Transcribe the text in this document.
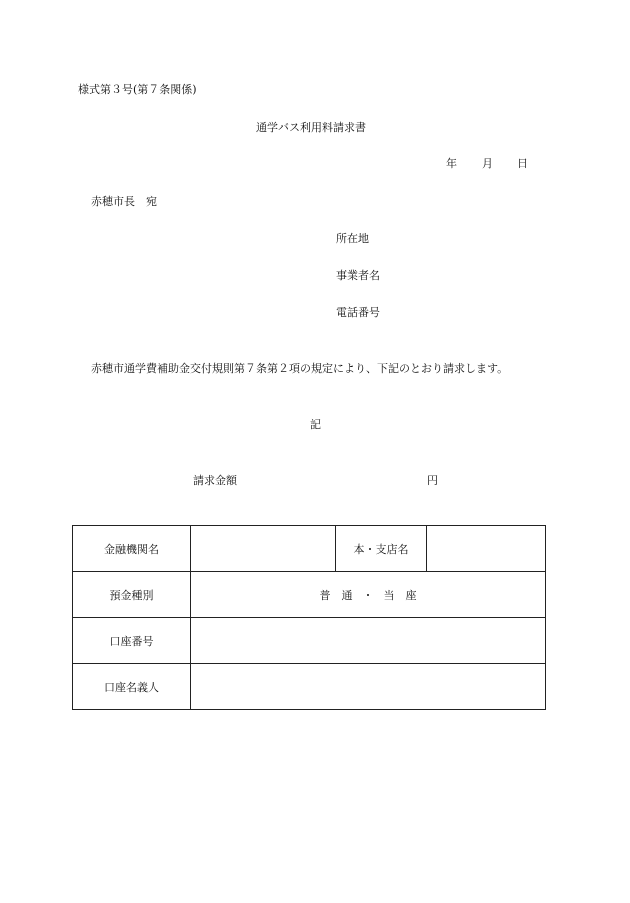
様式第３号(第７条関係)
通学バス利用料請求書
年 月 日
赤穂市長　宛
所在地
事業者名
電話番号
赤穂市通学費補助金交付規則第７条第２項の規定により、下記のとおり請求します。
記
請求金額	円
金融機関名		本・支店名	
預金種別	普　通 ・ 当　座		
口座番号			
口座名義人			
